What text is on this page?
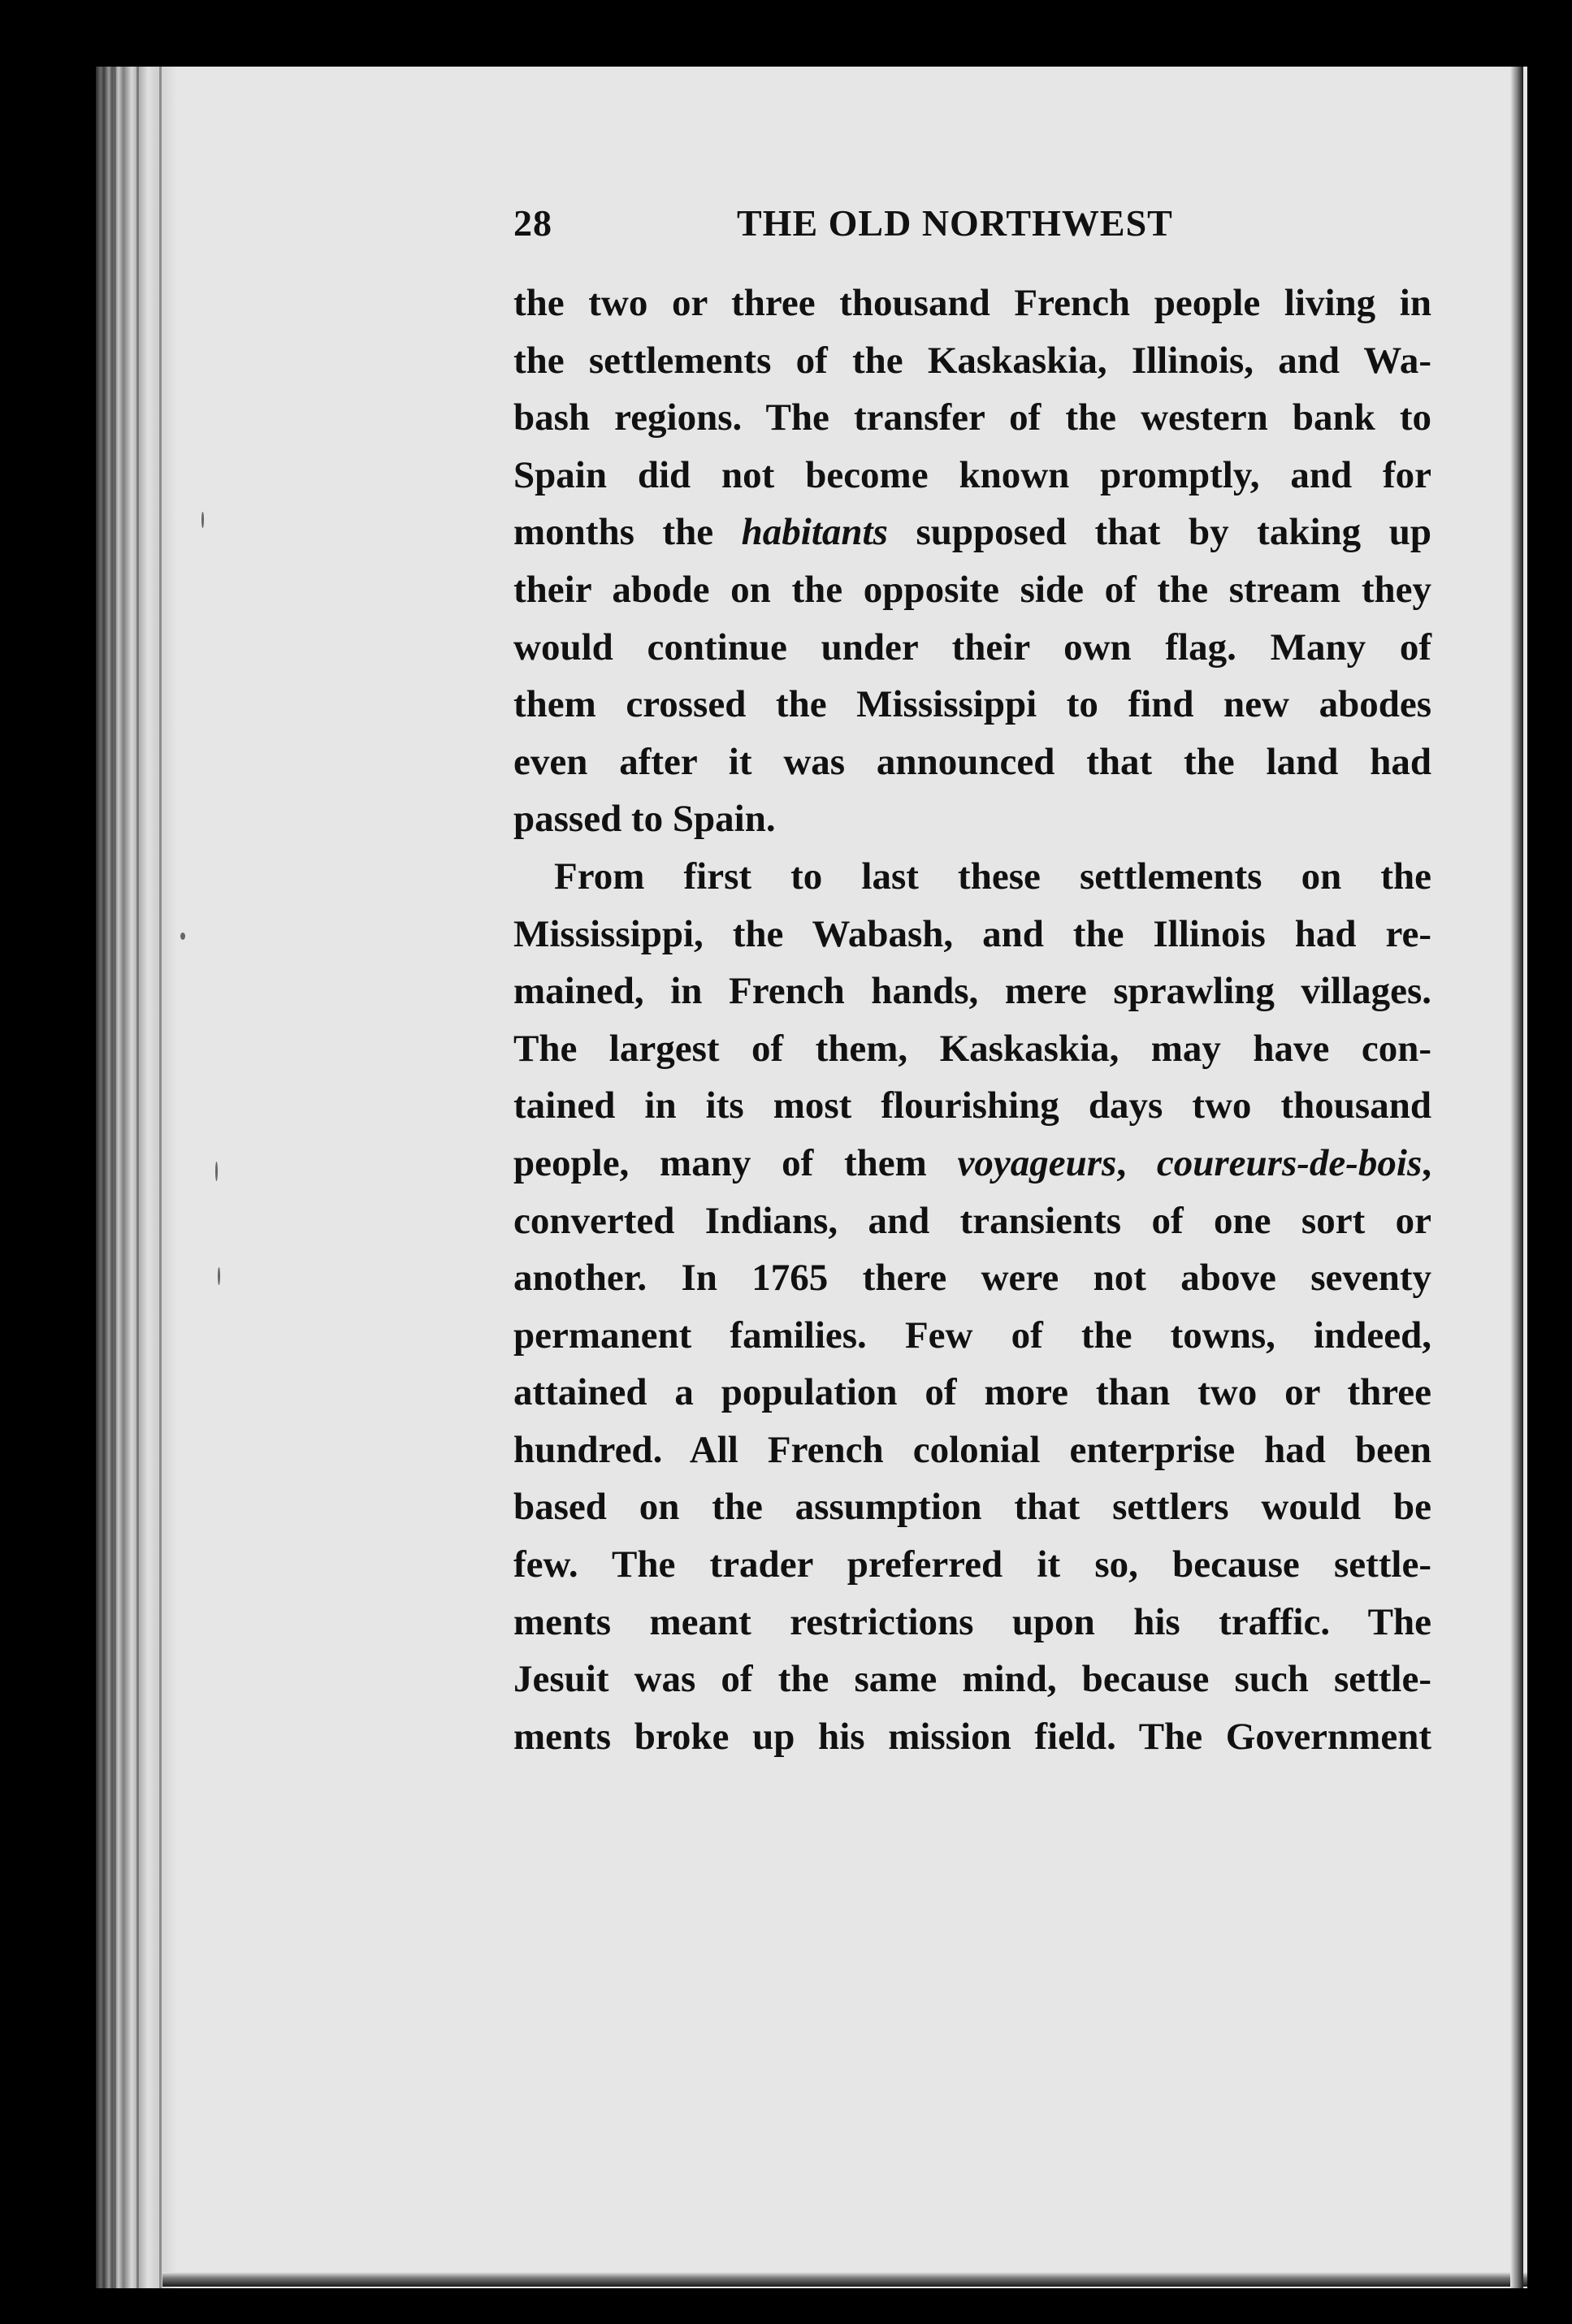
28	THE OLD NORTHWEST
the two or three thousand French people living in
the settlements of the Kaskaskia, Illinois, and Wa-
bash regions. The transfer of the western bank to
Spain did not become known promptly, and for
months the habitants supposed that by taking up
their abode on the opposite side of the stream they
would continue under their own flag. Many of
them crossed the Mississippi to find new abodes
even after it was announced that the land had
passed to Spain.
From first to last these settlements on the
Mississippi, the Wabash, and the Illinois had re-
mained, in French hands, mere sprawling villages.
The largest of them, Kaskaskia, may have con-
tained in its most flourishing days two thousand
people, many of them voyageurs, coureurs-de-bois,
converted Indians, and transients of one sort or
another. In 1765 there were not above seventy
permanent families. Few of the towns, indeed,
attained a population of more than two or three
hundred. All French colonial enterprise had been
based on the assumption that settlers would be
few. The trader preferred it so, because settle-
ments meant restrictions upon his traffic. The
Jesuit was of the same mind, because such settle-
ments broke up his mission field. The Government
